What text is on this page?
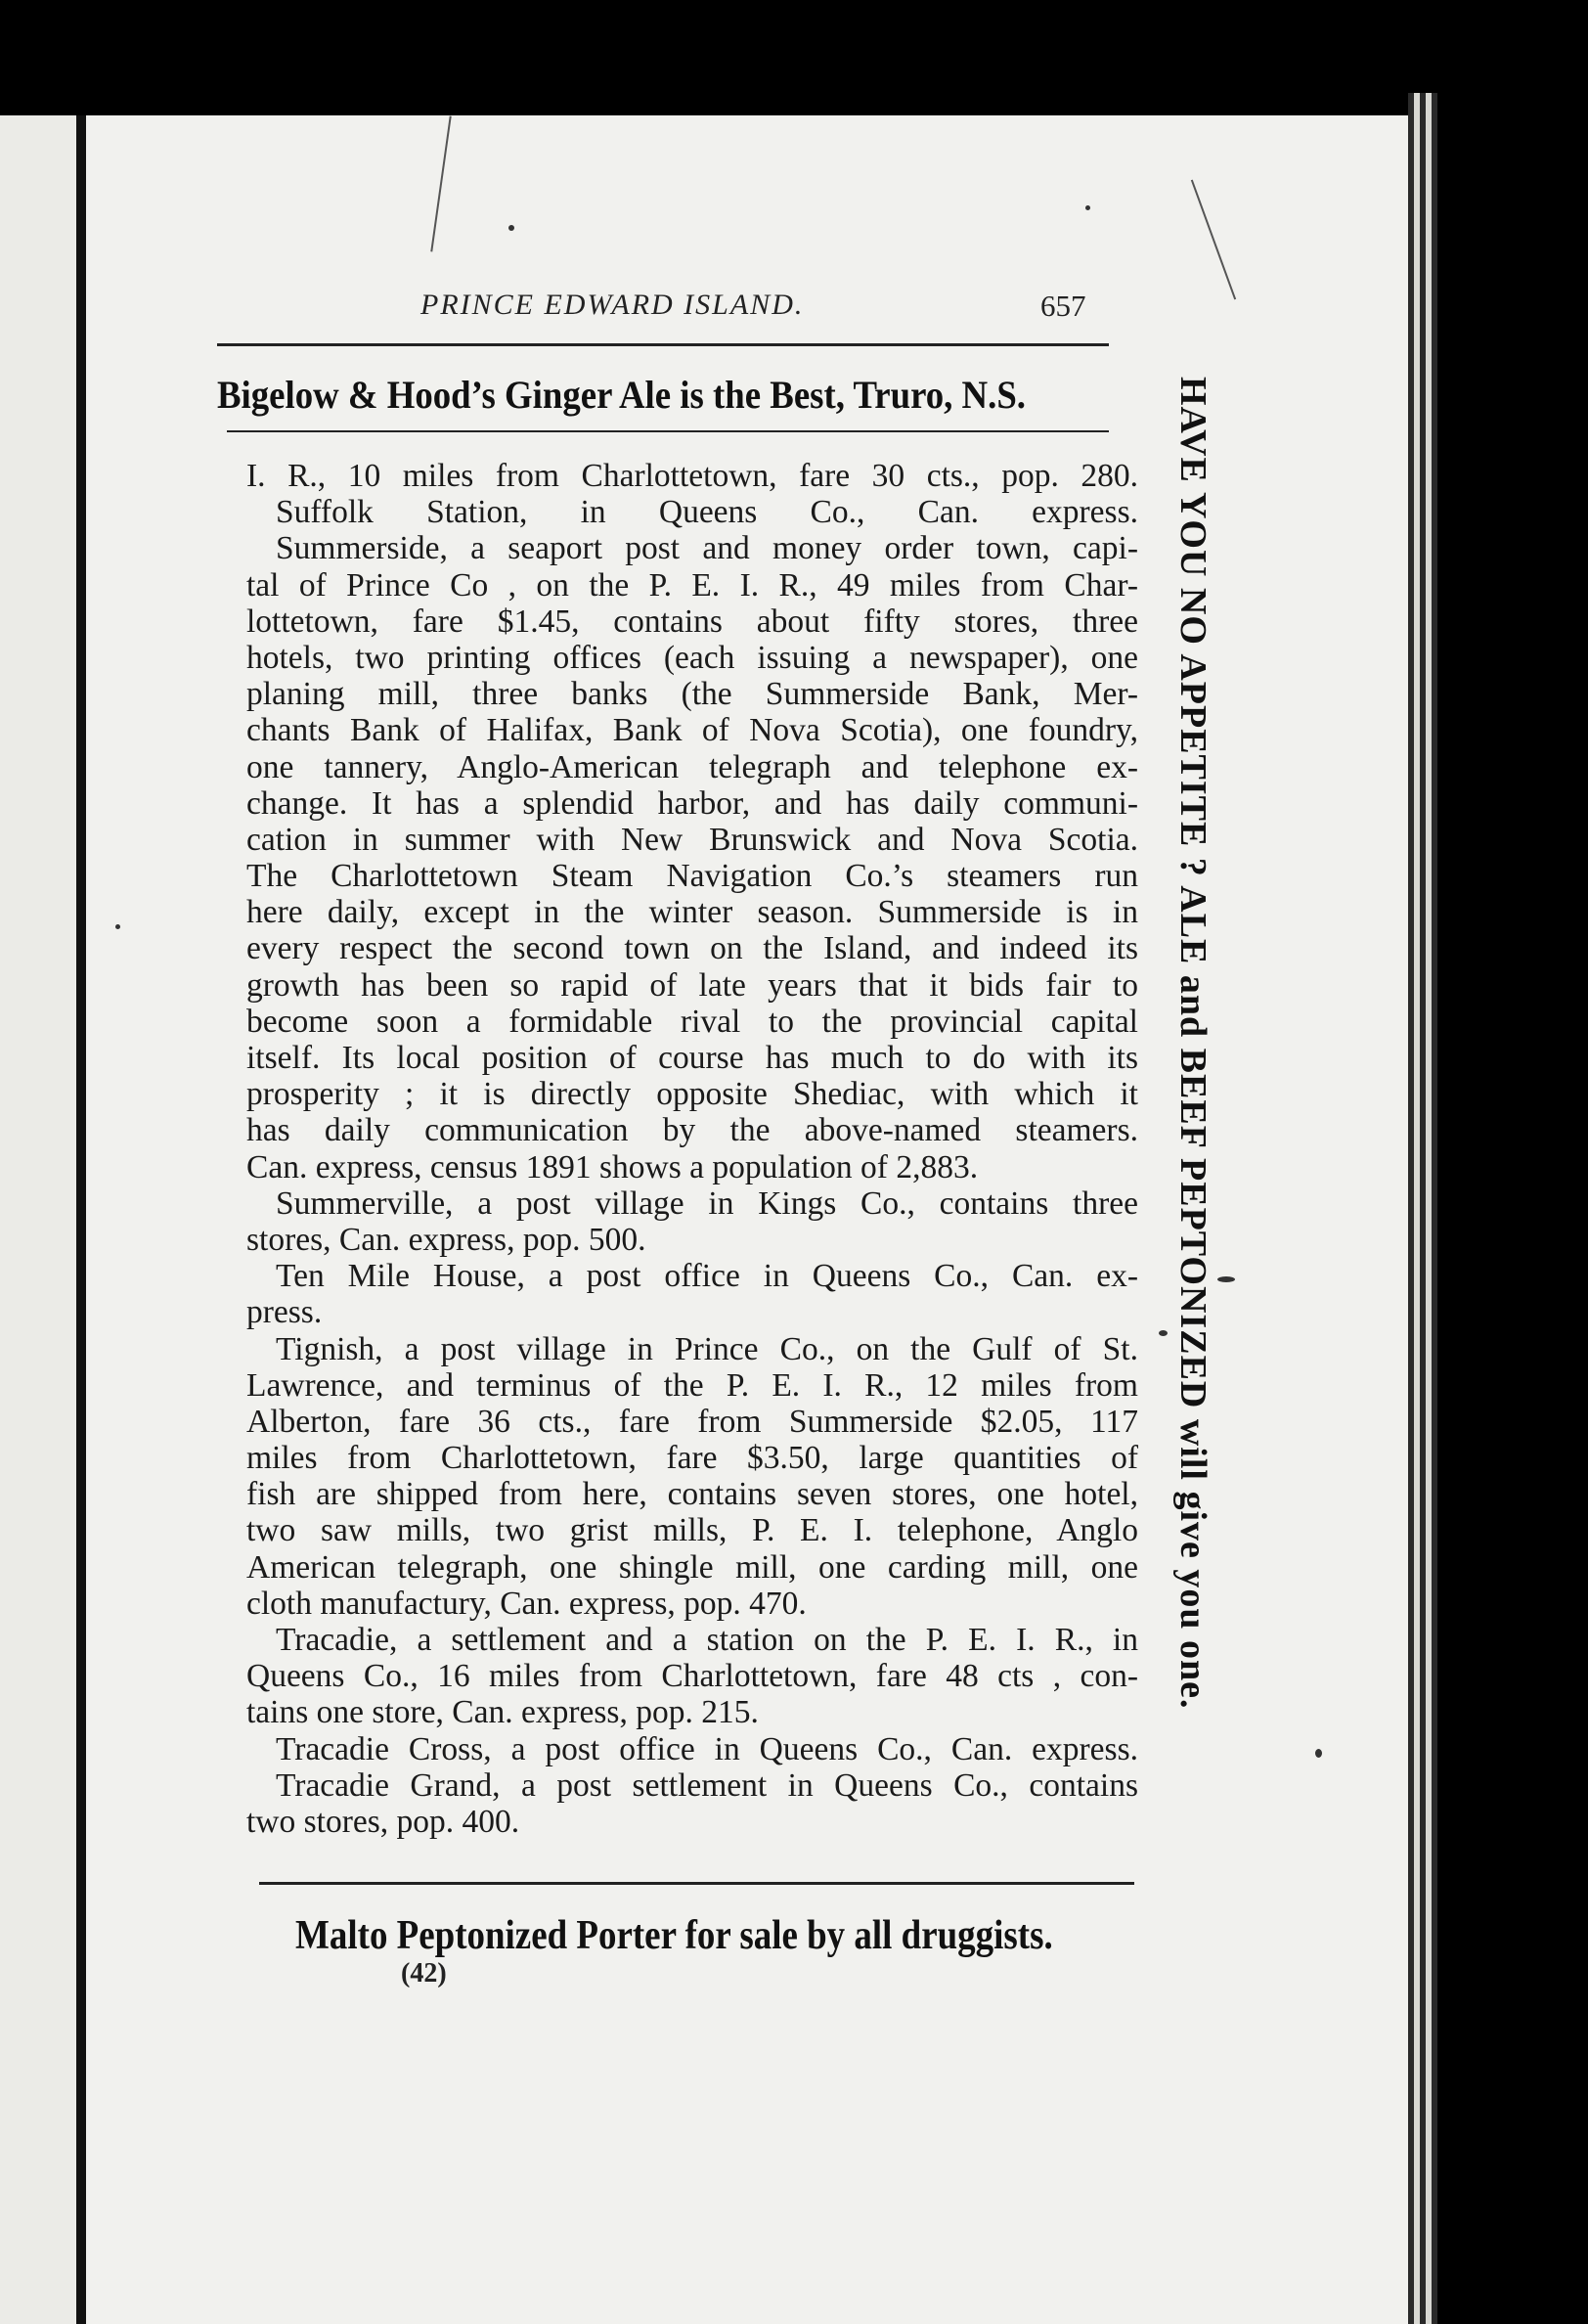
PRINCE EDWARD ISLAND.	657
Bigelow & Hood’s Ginger Ale is the Best, Truro, N.S.	HAVE YOU NO APPETITE ? ALE and BEEF PEPTONIZED will give you one.
I. R., 10 miles from Charlottetown, fare 30 cts., pop. 280.
Suffolk Station, in Queens Co., Can. express.
Summerside, a seaport post and money order town, capi-
tal of Prince Co , on the P. E. I. R., 49 miles from Char-
lottetown, fare $1.45, contains about fifty stores, three
hotels, two printing offices (each issuing a newspaper), one
planing mill, three banks (the Summerside Bank, Mer-
chants Bank of Halifax, Bank of Nova Scotia), one foundry,
one tannery, Anglo-American telegraph and telephone ex-
change. It has a splendid harbor, and has daily communi-
cation in summer with New Brunswick and Nova Scotia.
The Charlottetown Steam Navigation Co.’s steamers run
here daily, except in the winter season. Summerside is in
every respect the second town on the Island, and indeed its
growth has been so rapid of late years that it bids fair to
become soon a formidable rival to the provincial capital
itself. Its local position of course has much to do with its
prosperity ; it is directly opposite Shediac, with which it
has daily communication by the above-named steamers.
Can. express, census 1891 shows a population of 2,883.
Summerville, a post village in Kings Co., contains three
stores, Can. express, pop. 500.
Ten Mile House, a post office in Queens Co., Can. ex-
press.
Tignish, a post village in Prince Co., on the Gulf of St.
Lawrence, and terminus of the P. E. I. R., 12 miles from
Alberton, fare 36 cts., fare from Summerside $2.05, 117
miles from Charlottetown, fare $3.50, large quantities of
fish are shipped from here, contains seven stores, one hotel,
two saw mills, two grist mills, P. E. I. telephone, Anglo
American telegraph, one shingle mill, one carding mill, one
cloth manufactury, Can. express, pop. 470.
Tracadie, a settlement and a station on the P. E. I. R., in
Queens Co., 16 miles from Charlottetown, fare 48 cts , con-
tains one store, Can. express, pop. 215.
Tracadie Cross, a post office in Queens Co., Can. express.
Tracadie Grand, a post settlement in Queens Co., contains
two stores, pop. 400.
Malto Peptonized Porter for sale by all druggists.
(42)
